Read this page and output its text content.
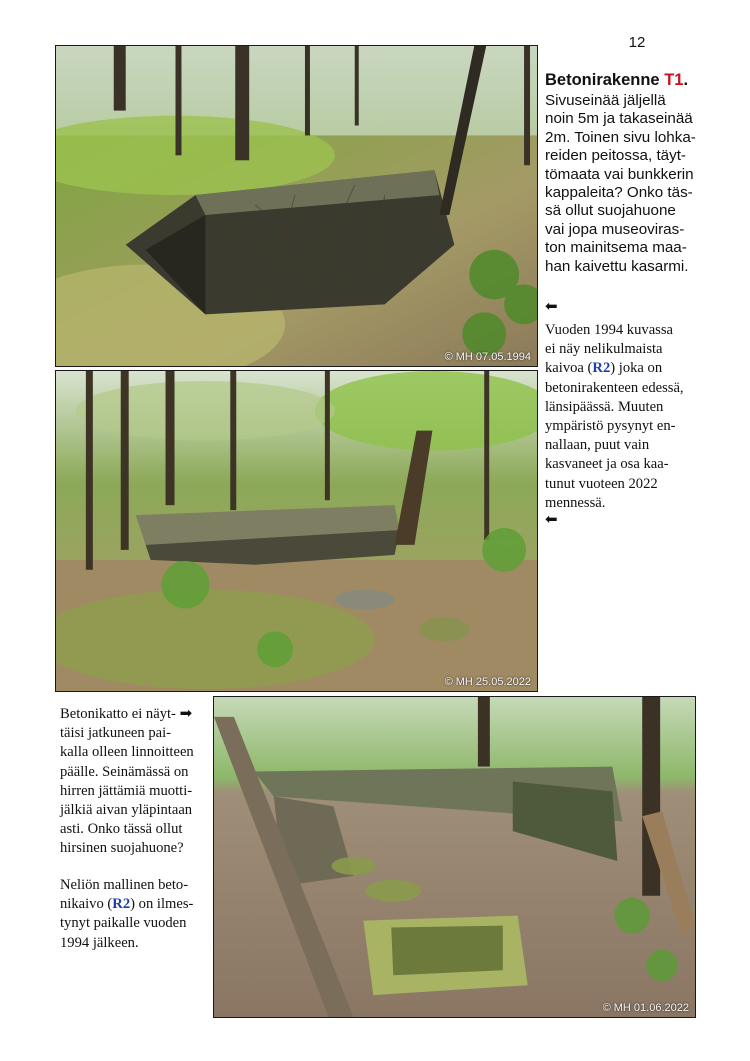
12
© MH 07.05.1994
© MH 25.05.2022
© MH 01.06.2022
Betonirakenne T1.
Sivuseinää jäljellä
noin 5m ja takaseinää
2m. Toinen sivu lohka-
reiden peitossa, täyt-
tömaata vai bunkkerin
kappaleita? Onko täs-
sä ollut suojahuone
vai jopa museoviras-
ton mainitsema maa-
han kaivettu kasarmi.
⬅
Vuoden 1994 kuvassa
ei näy nelikulmaista
kaivoa (R2) joka on
betonirakenteen edessä,
länsipäässä. Muuten
ympäristö pysynyt en-
nallaan, puut vain
kasvaneet ja osa kaa-
tunut vuoteen 2022
mennessä.
⬅
Betonikatto ei näyt- ➡
täisi jatkuneen pai-
kalla olleen linnoitteen
päälle. Seinämässä on
hirren jättämiä muotti-
jälkiä aivan yläpintaan
asti. Onko tässä ollut
hirsinen suojahuone?
Neliön mallinen beto-
nikaivo (R2) on ilmes-
tynyt paikalle vuoden
1994 jälkeen.
